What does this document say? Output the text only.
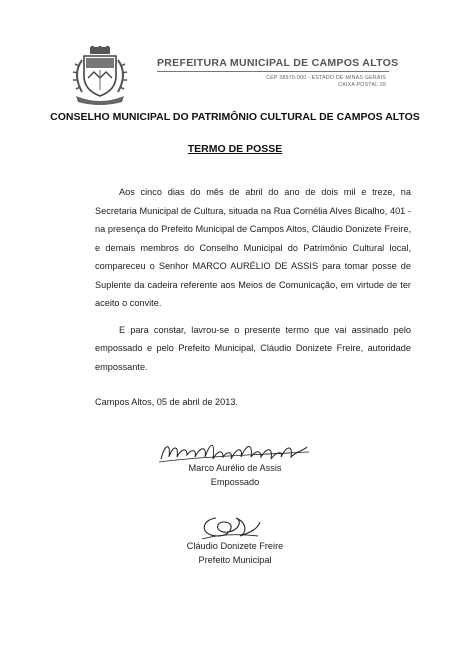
PREFEITURA MUNICIPAL DE CAMPOS ALTOS
CEP 38970-000 - ESTADO DE MINAS GERAIS
CAIXA POSTAL 28
CONSELHO MUNICIPAL DO PATRIMÔNIO CULTURAL DE CAMPOS ALTOS
TERMO DE POSSE

Aos cinco dias do mês de abril do ano de dois mil e treze, na Secretaria Municipal de Cultura, situada na Rua Cornélia Alves Bicalho, 401 - na presença do Prefeito Municipal de Campos Altos, Cláudio Donizete Freire, e demais membros do Conselho Municipal do Patrimônio Cultural local, compareceu o Senhor MARCO AURÉLIO DE ASSIS para tomar posse de Suplente da cadeira referente aos Meios de Comunicação, em virtude de ter aceito o convite.

E para constar, lavrou-se o presente termo que vai assinado pelo empossado e pelo Prefeito Municipal, Cláudio Donizete Freire, autoridade empossante.

Campos Altos, 05 de abril de 2013.
Marco Aurélio de Assis
Empossado
Cláudio Donizete Freire
Prefeito Municipal
